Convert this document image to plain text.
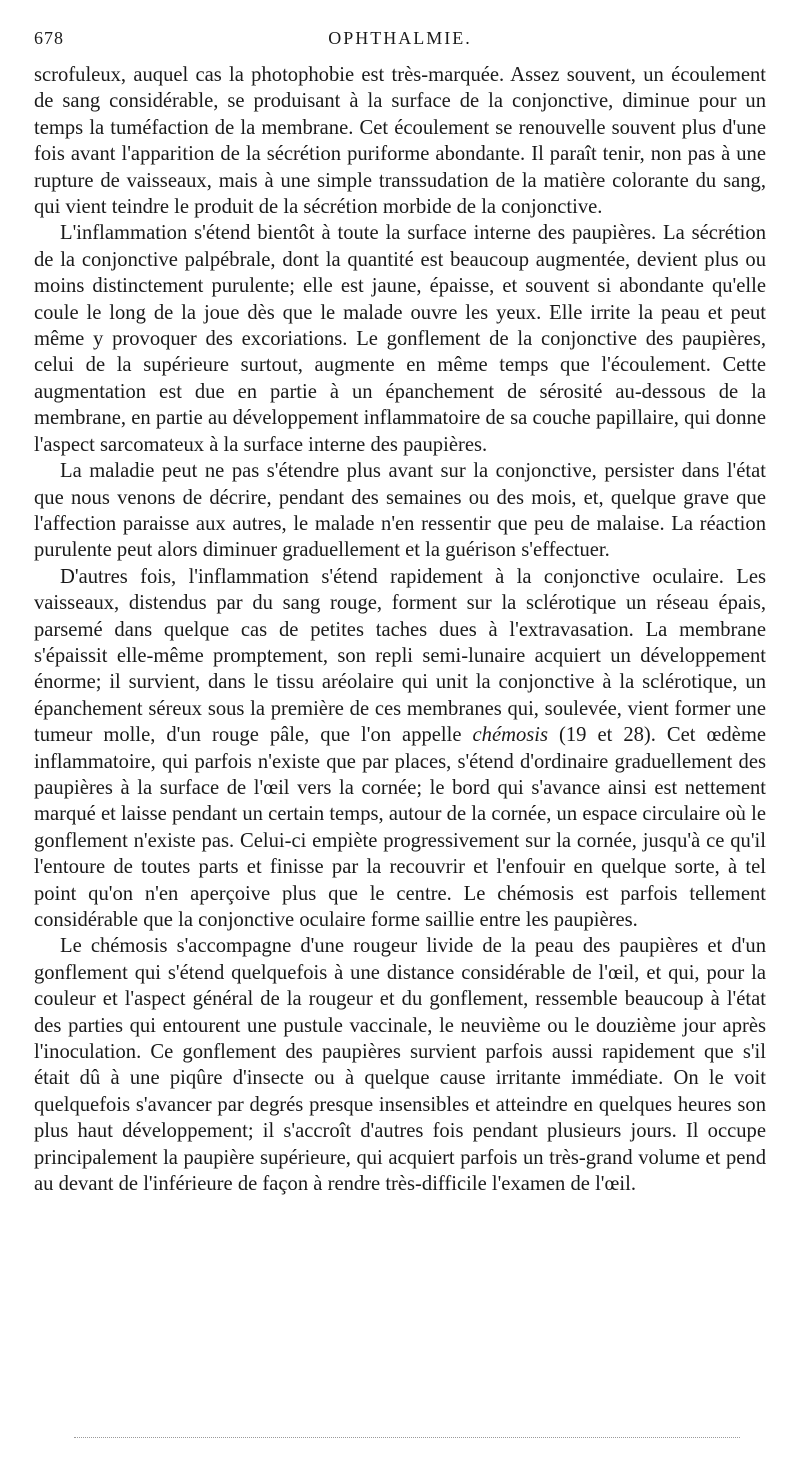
678	OPHTHALMIE.

scrofuleux, auquel cas la photophobie est très-marquée. Assez souvent, un écoulement de sang considérable, se produisant à la surface de la conjonctive, diminue pour un temps la tuméfaction de la membrane. Cet écoulement se renouvelle souvent plus d'une fois avant l'apparition de la sécrétion puriforme abondante. Il paraît tenir, non pas à une rupture de vaisseaux, mais à une simple transsudation de la matière colorante du sang, qui vient teindre le produit de la sécrétion morbide de la conjonctive.

L'inflammation s'étend bientôt à toute la surface interne des paupières. La sécrétion de la conjonctive palpébrale, dont la quantité est beaucoup augmentée, devient plus ou moins distinctement purulente; elle est jaune, épaisse, et souvent si abondante qu'elle coule le long de la joue dès que le malade ouvre les yeux. Elle irrite la peau et peut même y provoquer des excoriations. Le gonflement de la conjonctive des paupières, celui de la supérieure surtout, augmente en même temps que l'écoulement. Cette augmentation est due en partie à un épanchement de sérosité au-dessous de la membrane, en partie au développement inflammatoire de sa couche papillaire, qui donne l'aspect sarcomateux à la surface interne des paupières.

La maladie peut ne pas s'étendre plus avant sur la conjonctive, persister dans l'état que nous venons de décrire, pendant des semaines ou des mois, et, quelque grave que l'affection paraisse aux autres, le malade n'en ressentir que peu de malaise. La réaction purulente peut alors diminuer graduellement et la guérison s'effectuer.

D'autres fois, l'inflammation s'étend rapidement à la conjonctive oculaire. Les vaisseaux, distendus par du sang rouge, forment sur la sclérotique un réseau épais, parsemé dans quelque cas de petites taches dues à l'extravasation. La membrane s'épaissit elle-même promptement, son repli semi-lunaire acquiert un développement énorme; il survient, dans le tissu aréolaire qui unit la conjonctive à la sclérotique, un épanchement séreux sous la première de ces membranes qui, soulevée, vient former une tumeur molle, d'un rouge pâle, que l'on appelle chémosis (19 et 28). Cet œdème inflammatoire, qui parfois n'existe que par places, s'étend d'ordinaire graduellement des paupières à la surface de l'œil vers la cornée; le bord qui s'avance ainsi est nettement marqué et laisse pendant un certain temps, autour de la cornée, un espace circulaire où le gonflement n'existe pas. Celui-ci empiète progressivement sur la cornée, jusqu'à ce qu'il l'entoure de toutes parts et finisse par la recouvrir et l'enfouir en quelque sorte, à tel point qu'on n'en aperçoive plus que le centre. Le chémosis est parfois tellement considérable que la conjonctive oculaire forme saillie entre les paupières.

Le chémosis s'accompagne d'une rougeur livide de la peau des paupières et d'un gonflement qui s'étend quelquefois à une distance considérable de l'œil, et qui, pour la couleur et l'aspect général de la rougeur et du gonflement, ressemble beaucoup à l'état des parties qui entourent une pustule vaccinale, le neuvième ou le douzième jour après l'inoculation. Ce gonflement des paupières survient parfois aussi rapidement que s'il était dû à une piqûre d'insecte ou à quelque cause irritante immédiate. On le voit quelquefois s'avancer par degrés presque insensibles et atteindre en quelques heures son plus haut développement; il s'accroît d'autres fois pendant plusieurs jours. Il occupe principalement la paupière supérieure, qui acquiert parfois un très-grand volume et pend au devant de l'inférieure de façon à rendre très-difficile l'examen de l'œil.
